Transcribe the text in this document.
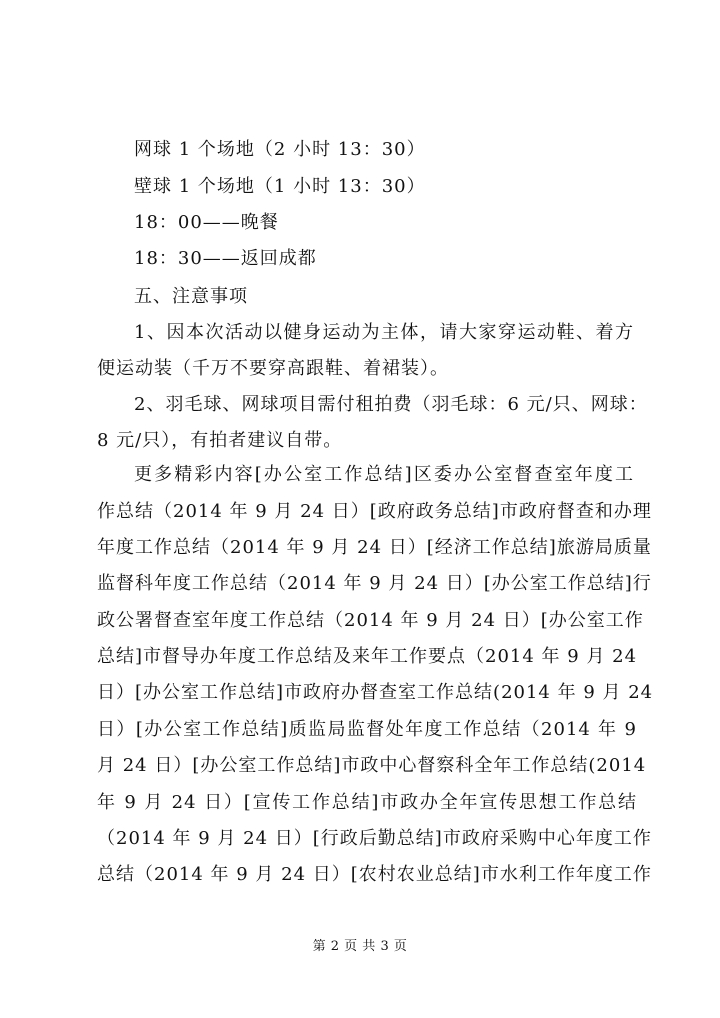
网球 1 个场地（2 小时 13：30）
壁球 1 个场地（1 小时 13：30）
18：00——晚餐
18：30——返回成都
五、注意事项
1、因本次活动以健身运动为主体，请大家穿运动鞋、着方
便运动装（千万不要穿高跟鞋、着裙装）。
2、羽毛球、网球项目需付租拍费（羽毛球：6 元/只、网球：
8 元/只），有拍者建议自带。
更多精彩内容[办公室工作总结]区委办公室督查室年度工
作总结（2014 年 9 月 24 日）[政府政务总结]市政府督查和办理
年度工作总结（2014 年 9 月 24 日）[经济工作总结]旅游局质量
监督科年度工作总结（2014 年 9 月 24 日）[办公室工作总结]行
政公署督查室年度工作总结（2014 年 9 月 24 日）[办公室工作
总结]市督导办年度工作总结及来年工作要点（2014 年 9 月 24
日）[办公室工作总结]市政府办督查室工作总结(2014 年 9 月 24
日）[办公室工作总结]质监局监督处年度工作总结（2014 年 9
月 24 日）[办公室工作总结]市政中心督察科全年工作总结(2014
年 9 月 24 日）[宣传工作总结]市政办全年宣传思想工作总结
（2014 年 9 月 24 日）[行政后勤总结]市政府采购中心年度工作
总结（2014 年 9 月 24 日）[农村农业总结]市水利工作年度工作
第 2 页 共 3 页
